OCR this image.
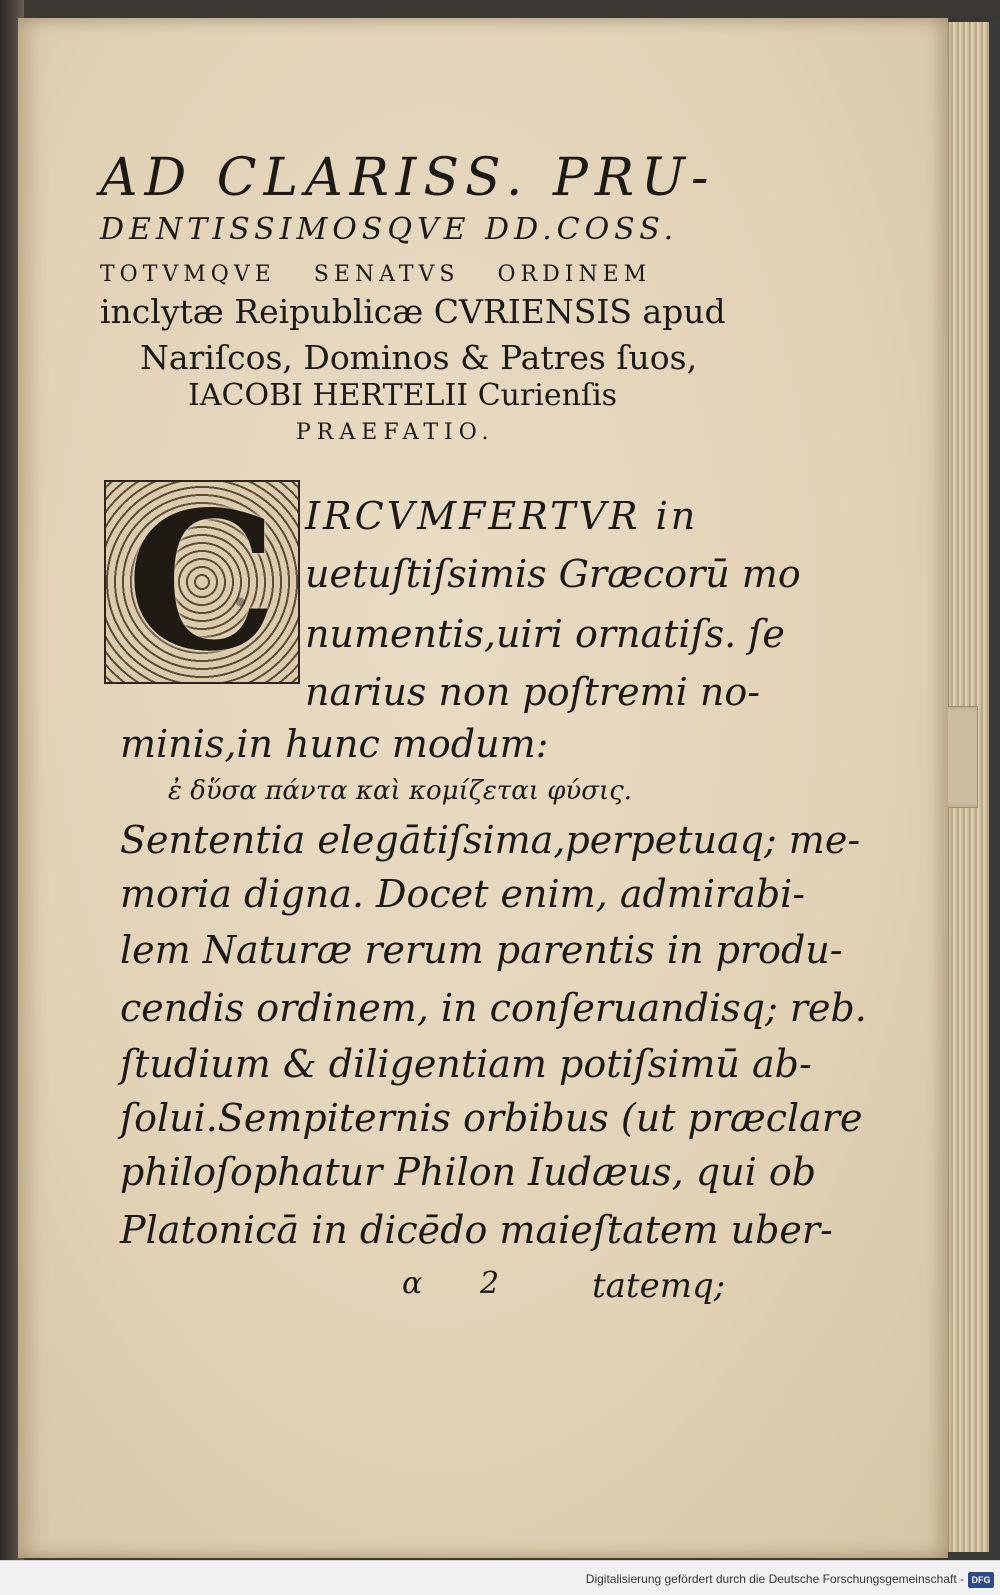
AD CLARISS. PRU-
DENTISSIMOSQVE DD.COSS.
TOTVMQVE SENATVS ORDINEM
inclytæ Reipublicæ CVRIENSIS apud
Nariſcos, Dominos & Patres ſuos,
IACOBI HERTELII Curienſis
PRAEFATIO.
C IRCVMFERTVR in
uetuſtiſsimis Græcorū mo
numentis,uiri ornatiſs. ſe
narius non poſtremi no-
minis,in hunc modum:
ἐ δὕσα πάντα καὶ κομίζεται φύσις.
Sententia elegātiſsima,perpetuaq; me-
moria digna. Docet enim, admirabi-
lem Naturæ rerum parentis in produ-
cendis ordinem, in conſeruandisq; reb.
ſtudium & diligentiam potiſsimū ab-
ſolui.Sempiternis orbibus (ut præclare
philoſophatur Philon Iudæus, qui ob
Platonicā in dicēdo maieſtatem uber-
α 2	tatemq;
Digitalisierung gefördert durch die Deutsche Forschungsgemeinschaft - DFG
